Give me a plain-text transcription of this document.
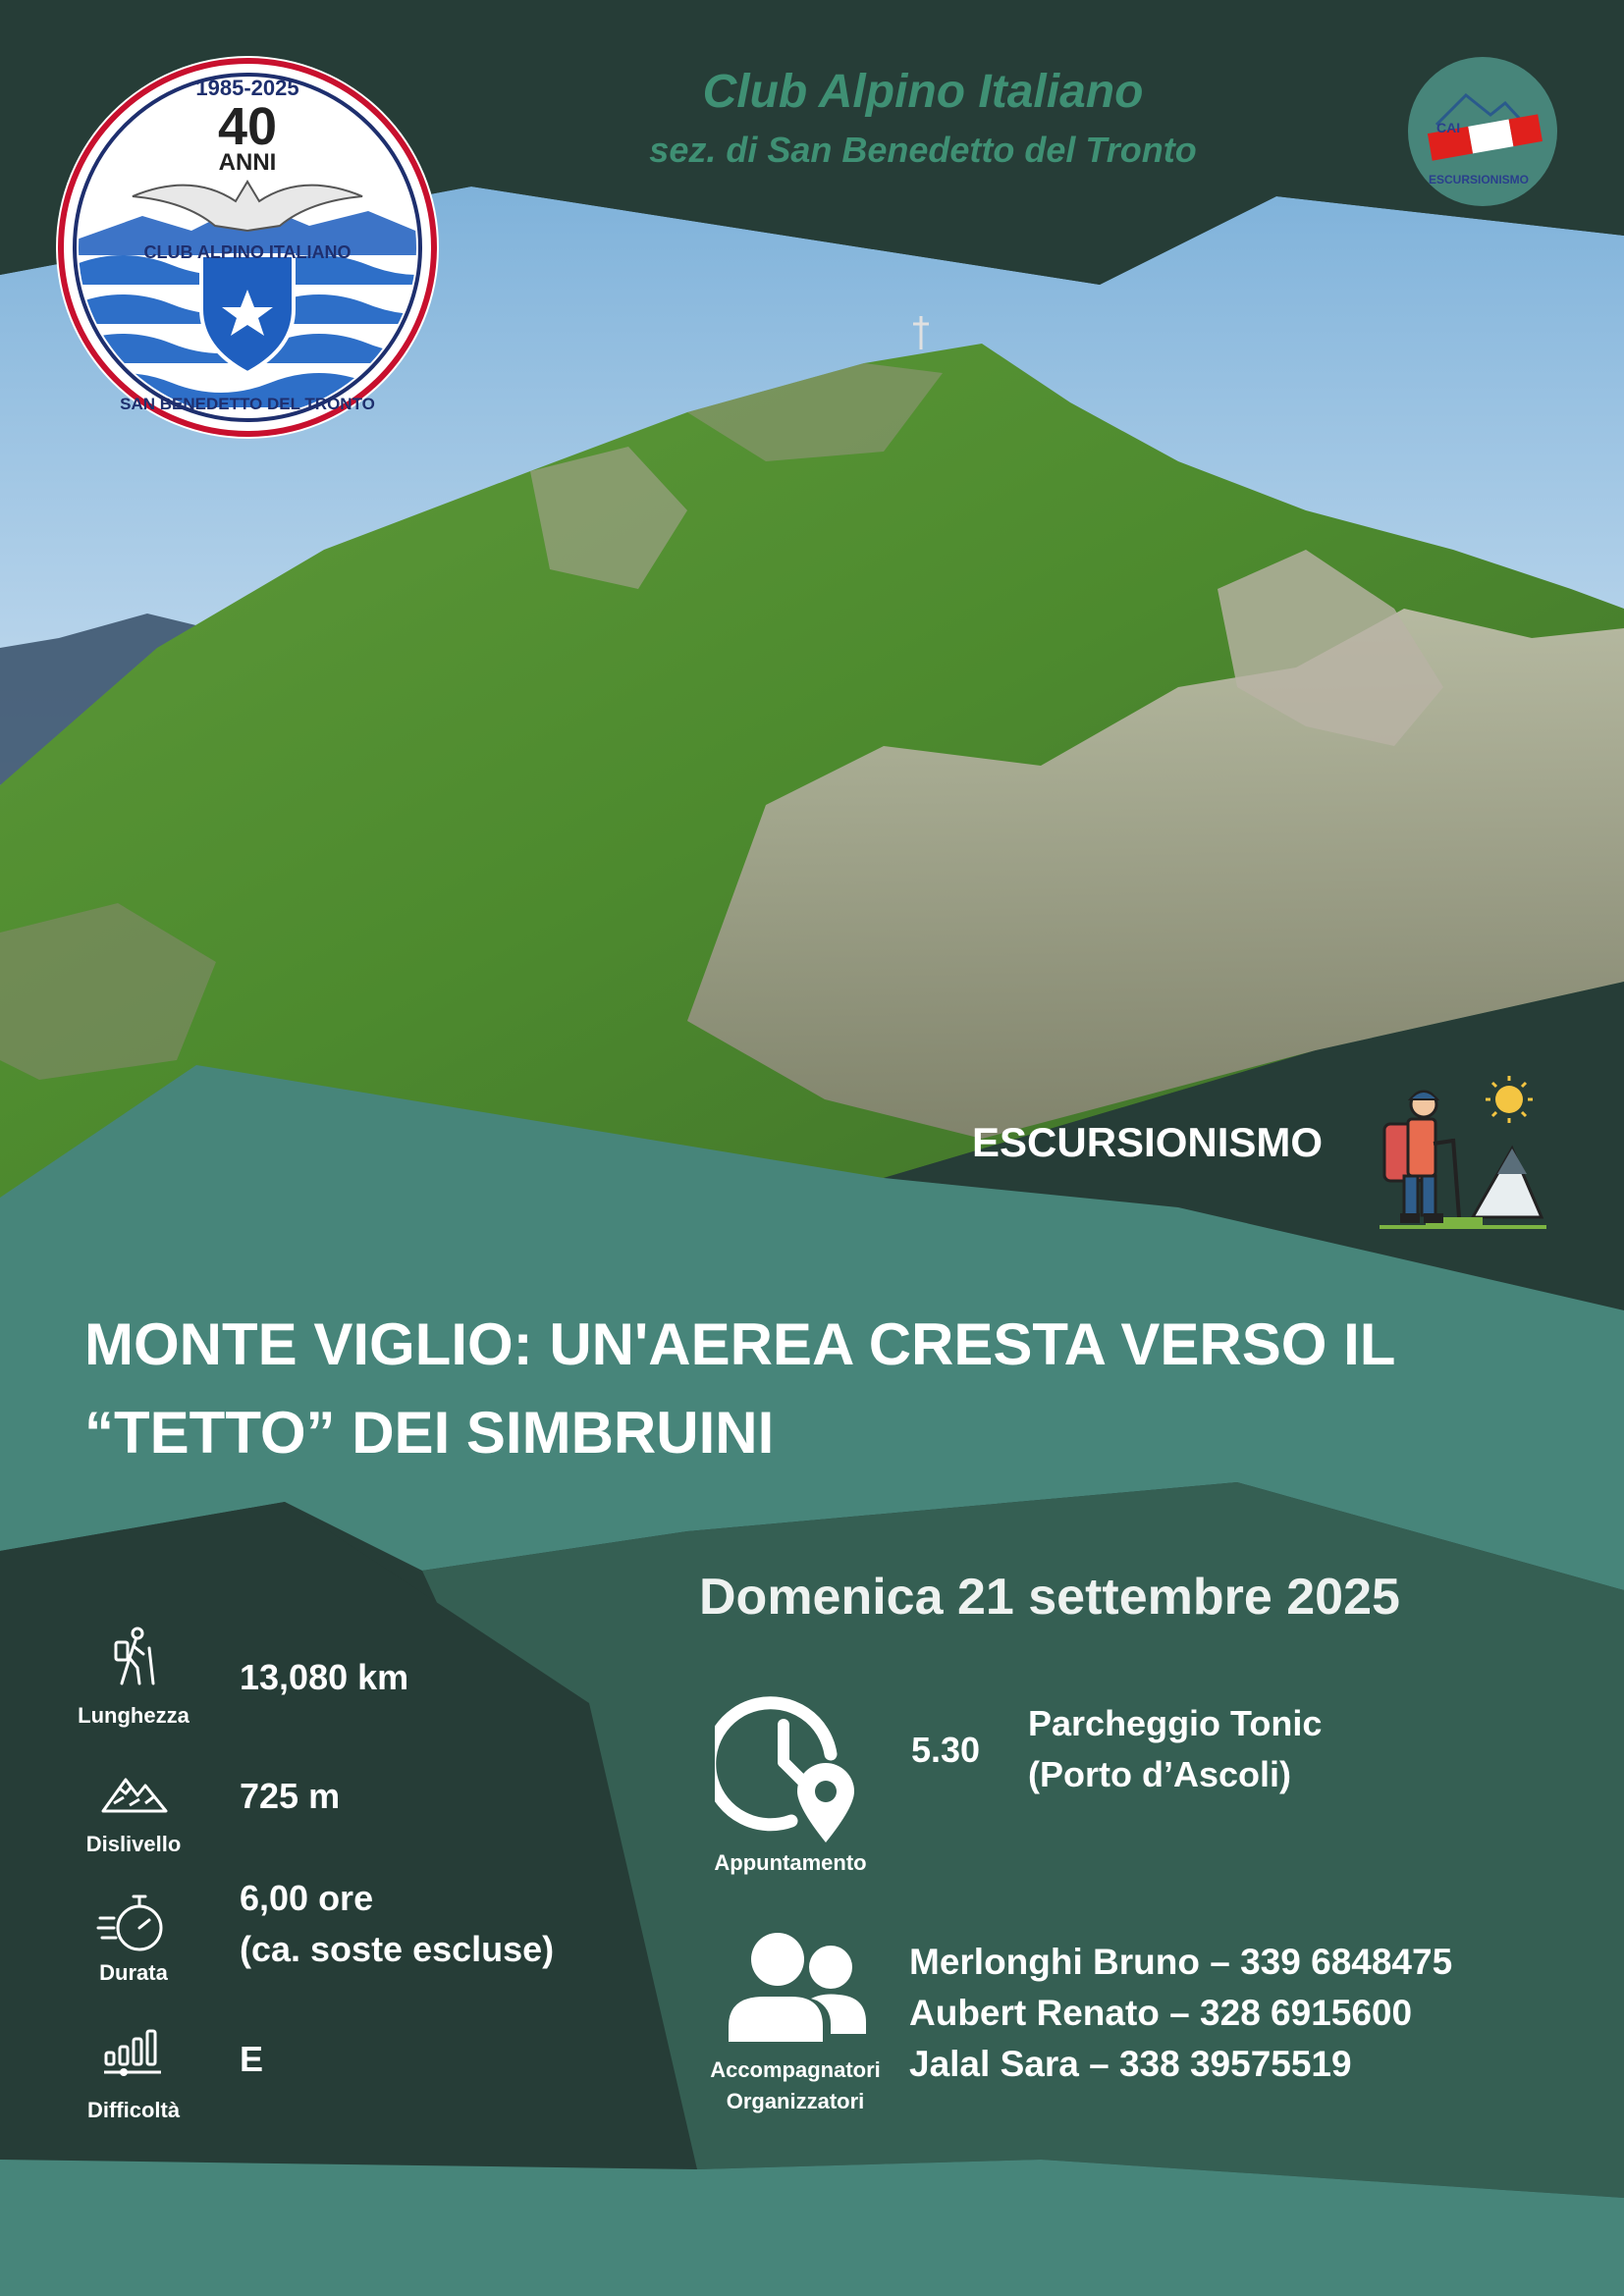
1985-2025
40
ANNI
CLUB ALPINO ITALIANO
SAN BENEDETTO DEL TRONTO
CAI
ESCURSIONISMO
Club Alpino Italiano
sez. di San Benedetto del Tronto
ESCURSIONISMO
MONTE VIGLIO: UN'AEREA CRESTA VERSO IL
“TETTO” DEI SIMBRUINI
Domenica 21 settembre 2025
Lunghezza
13,080 km
Dislivello
725 m
Durata
6,00 ore
(ca. soste escluse)
Difficoltà
E
Appuntamento
5.30
Parcheggio Tonic
(Porto d’Ascoli)
Accompagnatori
Organizzatori
Merlonghi Bruno – 339 6848475
Aubert Renato – 328 6915600
Jalal Sara – 338 39575519
